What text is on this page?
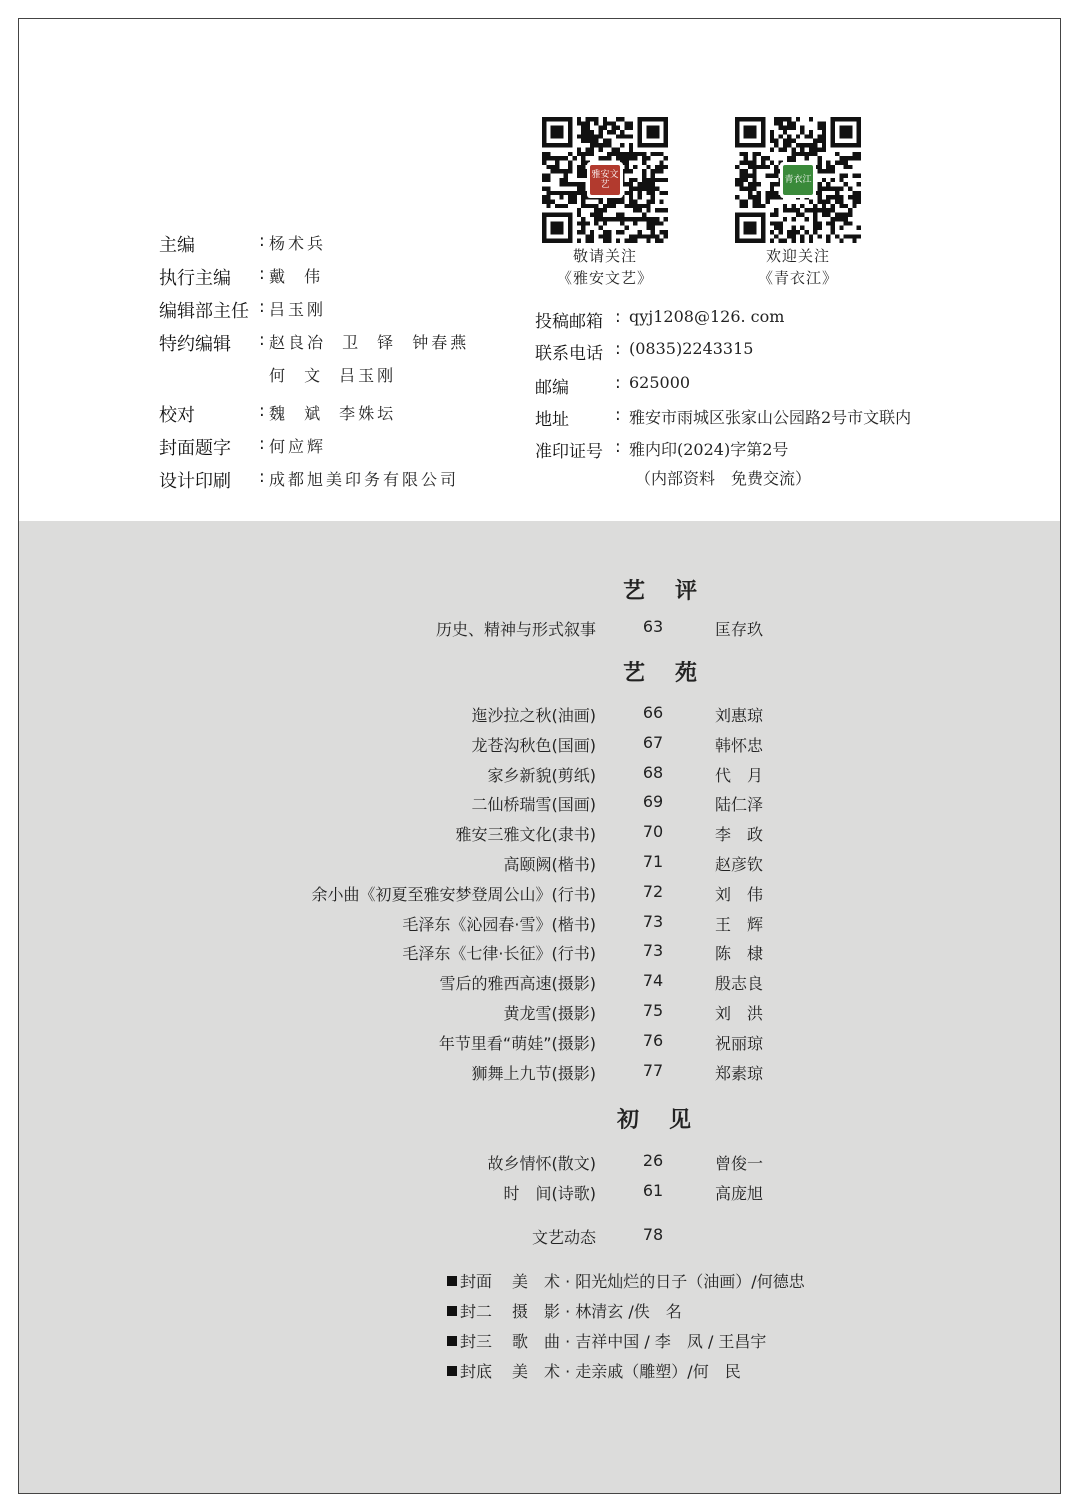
主编	: 杨术兵
执行主编	: 戴 伟
编辑部主任 : 吕玉刚
特约编辑	: 赵良冶 卫 铎 钟春燕
何 文 吕玉刚
校对	: 魏 斌 李姝坛
封面题字	: 何应辉
设计印刷	: 成都旭美印务有限公司
雅安文艺
敬请关注
《雅安文艺》
青衣江
欢迎关注
《青衣江》
投稿邮箱 : qyj1208@126. com
联系电话 : (0835)2243315
邮编	: 625000
地址	: 雅安市雨城区张家山公园路2号市文联内
准印证号 : 雅内印(2024)字第2号
（内部资料　免费交流）
艺评
历史、精神与形式叙事	63	匡存玖
艺苑
迤沙拉之秋(油画)	66	刘惠琼
龙苍沟秋色(国画)	67	韩怀忠
家乡新貌(剪纸)	68	代　月
二仙桥瑞雪(国画)	69	陆仁泽
雅安三雅文化(隶书)	70	李　政
高颐阙(楷书)	71	赵彦钦
余小曲《初夏至雅安梦登周公山》(行书)	72	刘　伟
毛泽东《沁园春·雪》(楷书)	73	王　辉
毛泽东《七律·长征》(行书)	73	陈　棣
雪后的雅西高速(摄影)	74	殷志良
黄龙雪(摄影)	75	刘　洪
年节里看“萌娃”(摄影)	76	祝丽琼
狮舞上九节(摄影)	77	郑素琼
初见
故乡情怀(散文)	26	曾俊一
时　间(诗歌)	61	高庞旭
文艺动态	78
封面 美　术 · 阳光灿烂的日子（油画）/何德忠
封二 摄　影 · 林清玄 /佚　名
封三 歌　曲 · 吉祥中国 / 李　凤 / 王昌宇
封底 美　术 · 走亲戚（雕塑）/何　民
